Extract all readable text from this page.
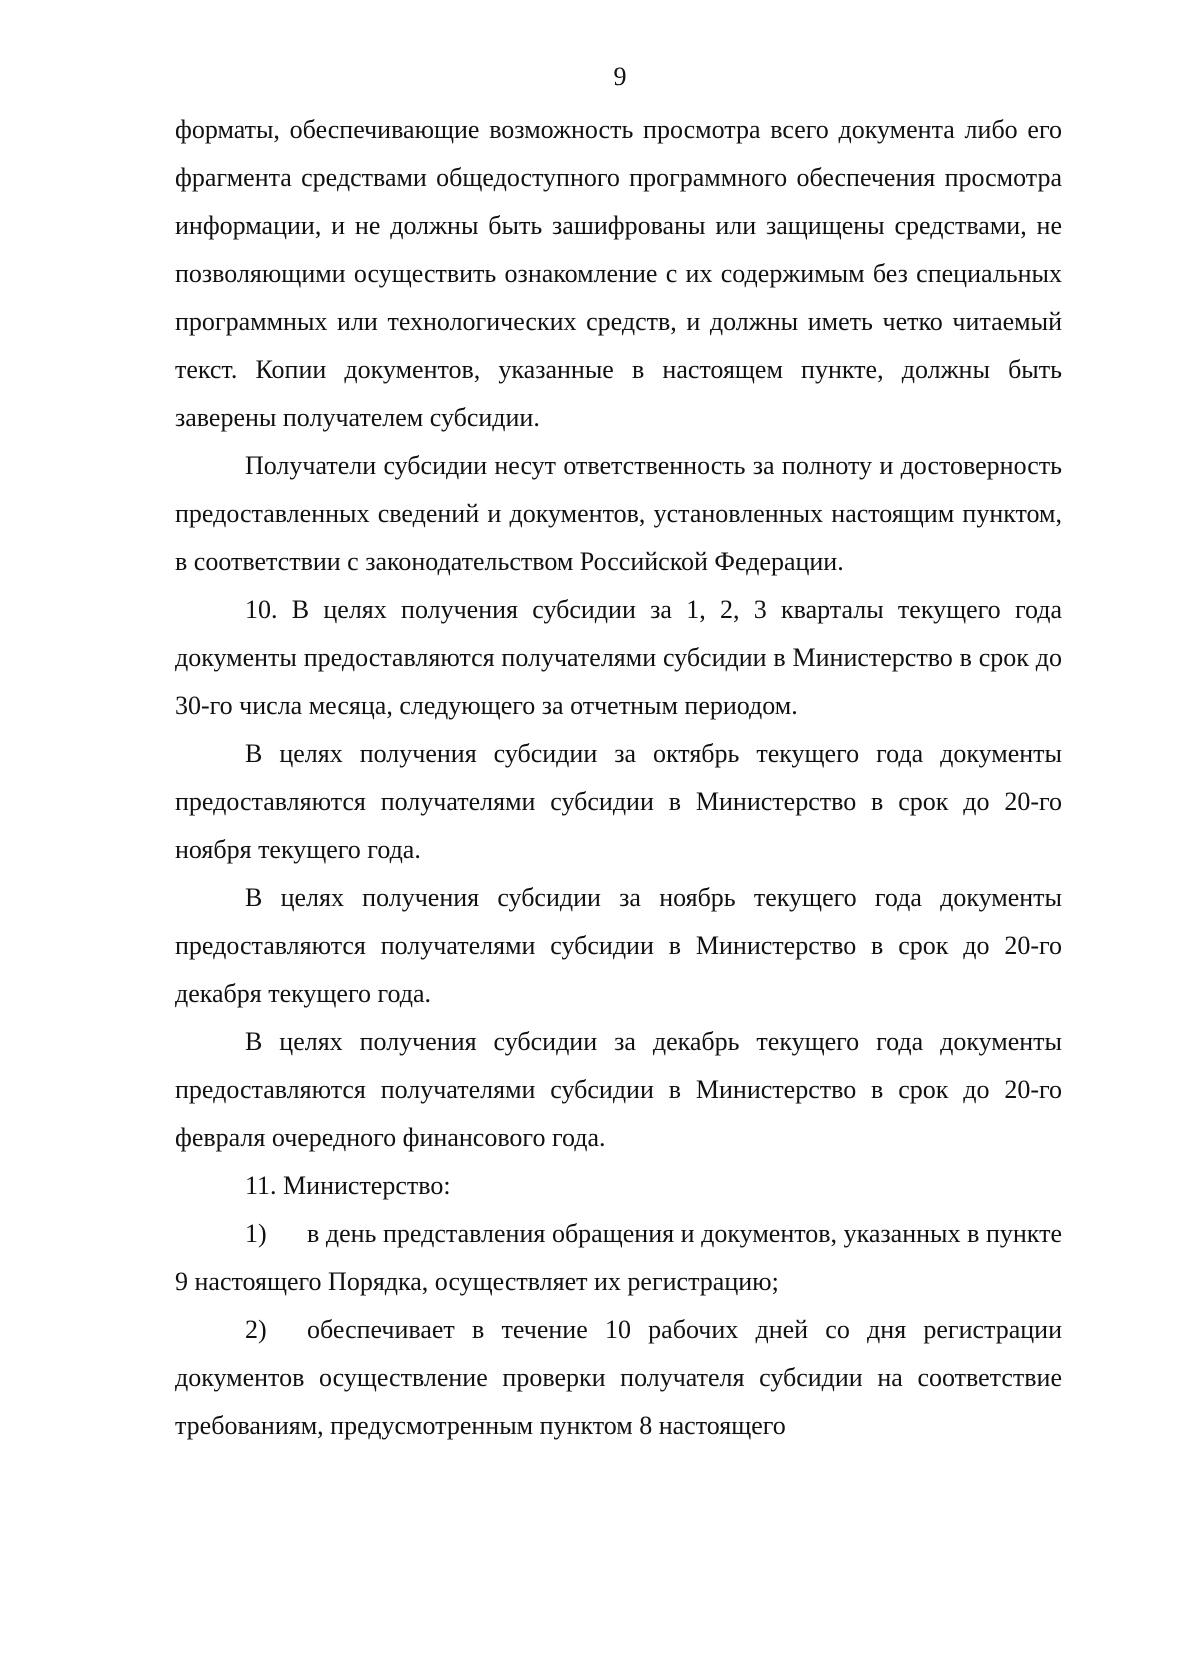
9

форматы, обеспечивающие возможность просмотра всего документа либо его фрагмента средствами общедоступного программного обеспечения просмотра информации, и не должны быть зашифрованы или защищены средствами, не позволяющими осуществить ознакомление с их содержимым без специальных программных или технологических средств, и должны иметь четко читаемый текст. Копии документов, указанные в настоящем пункте, должны быть заверены получателем субсидии.

Получатели субсидии несут ответственность за полноту и достоверность предоставленных сведений и документов, установленных настоящим пунктом, в соответствии с законодательством Российской Федерации.

10. В целях получения субсидии за 1, 2, 3 кварталы текущего года документы предоставляются получателями субсидии в Министерство в срок до 30-го числа месяца, следующего за отчетным периодом.

В целях получения субсидии за октябрь текущего года документы предоставляются получателями субсидии в Министерство в срок до 20-го ноября текущего года.

В целях получения субсидии за ноябрь текущего года документы предоставляются получателями субсидии в Министерство в срок до 20-го декабря текущего года.

В целях получения субсидии за декабрь текущего года документы предоставляются получателями субсидии в Министерство в срок до 20-го февраля очередного финансового года.

11. Министерство:

1) в день представления обращения и документов, указанных в пункте 9 настоящего Порядка, осуществляет их регистрацию;

2) обеспечивает в течение 10 рабочих дней со дня регистрации документов осуществление проверки получателя субсидии на соответствие требованиям, предусмотренным пунктом 8 настоящего
